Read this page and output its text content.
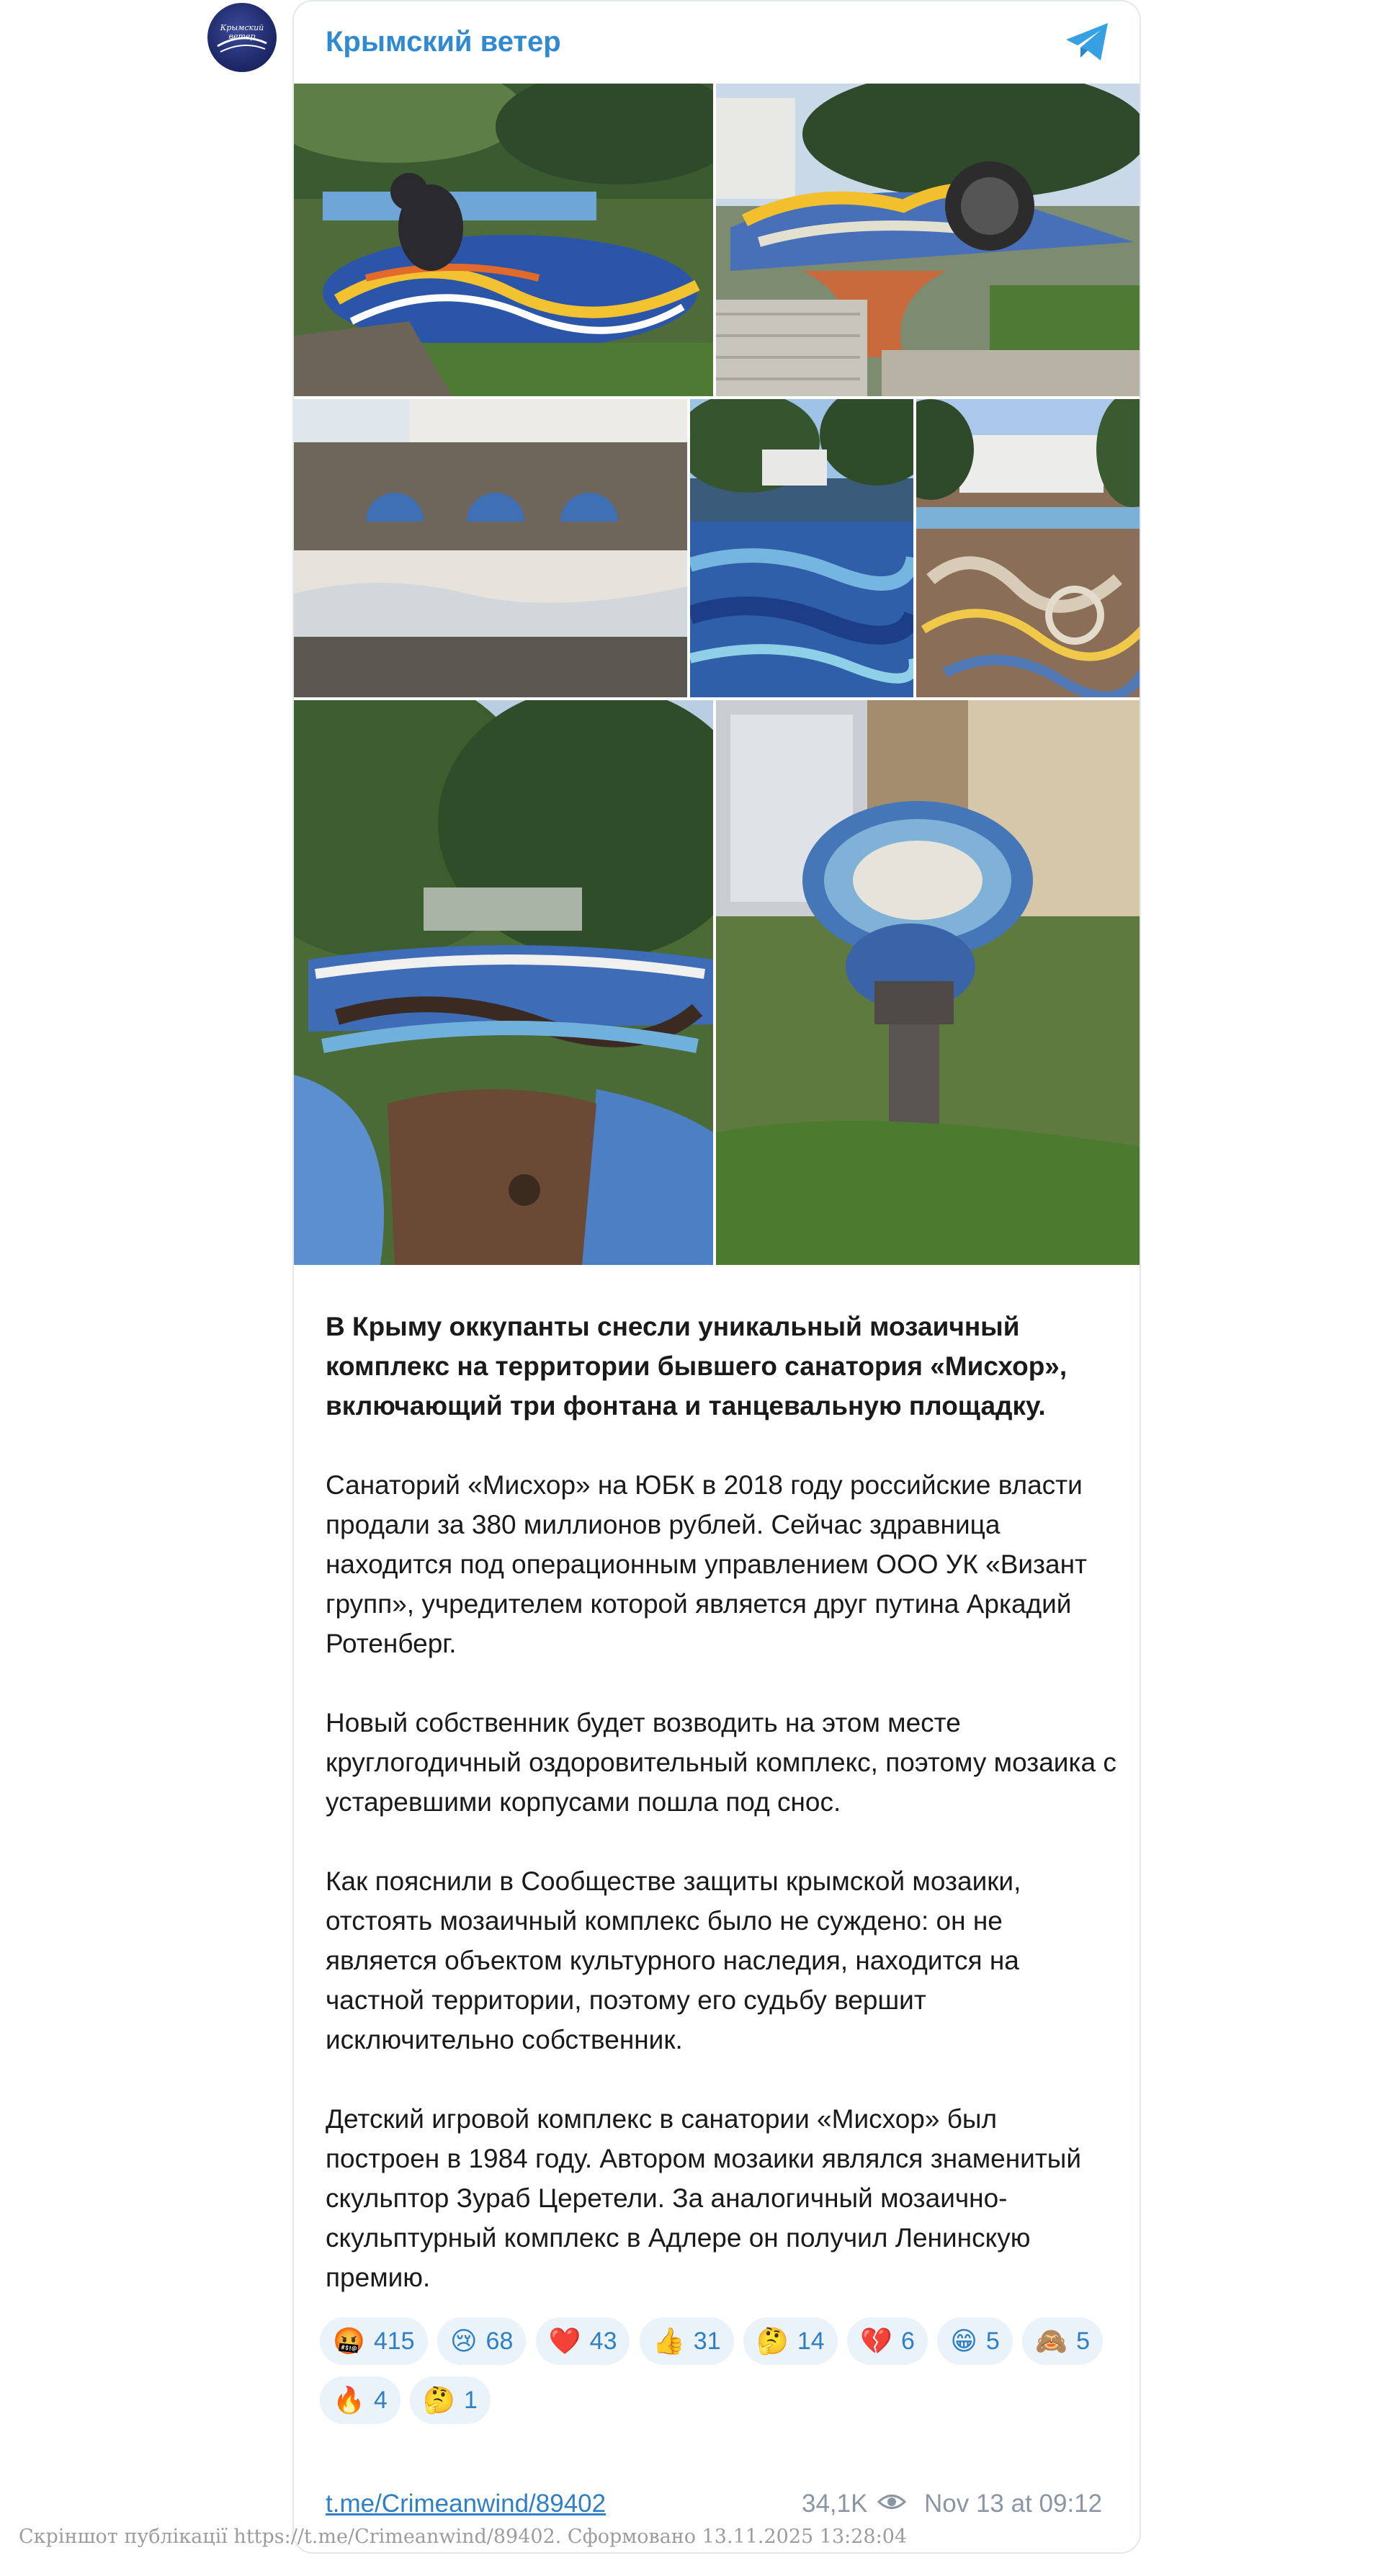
Крымский ветер	Крымский ветер

В Крыму оккупанты снесли уникальный мозаичный комплекс на территории бывшего санатория «Мисхор», включающий три фонтана и танцевальную площадку.

Санаторий «Мисхор» на ЮБК в 2018 году российские власти продали за 380 миллионов рублей. Сейчас здравница находится под операционным управлением ООО УК «Визант групп», учредителем которой является друг путина Аркадий Ротенберг.

Новый собственник будет возводить на этом месте круглогодичный оздоровительный комплекс, поэтому мозаика с устаревшими корпусами пошла под снос.

Как пояснили в Сообществе защиты крымской мозаики, отстоять мозаичный комплекс было не суждено: он не является объектом культурного наследия, находится на частной территории, поэтому его судьбу вершит исключительно собственник.

Детский игровой комплекс в санатории «Мисхор» был построен в 1984 году. Автором мозаики являлся знаменитый скульптор Зураб Церетели. За аналогичный мозаично-скульптурный комплекс в Адлере он получил Ленинскую премию.

🤬 415
😢 68
❤️ 43
👍 31
🤔 14
💔 6
😁 5
🙈 5

🔥 4
🤔 1
t.me/Crimeanwind/89402	34,1K Nov 13 at 09:12
Скріншот публікації https://t.me/Crimeanwind/89402. Сформовано 13.11.2025 13:28:04
